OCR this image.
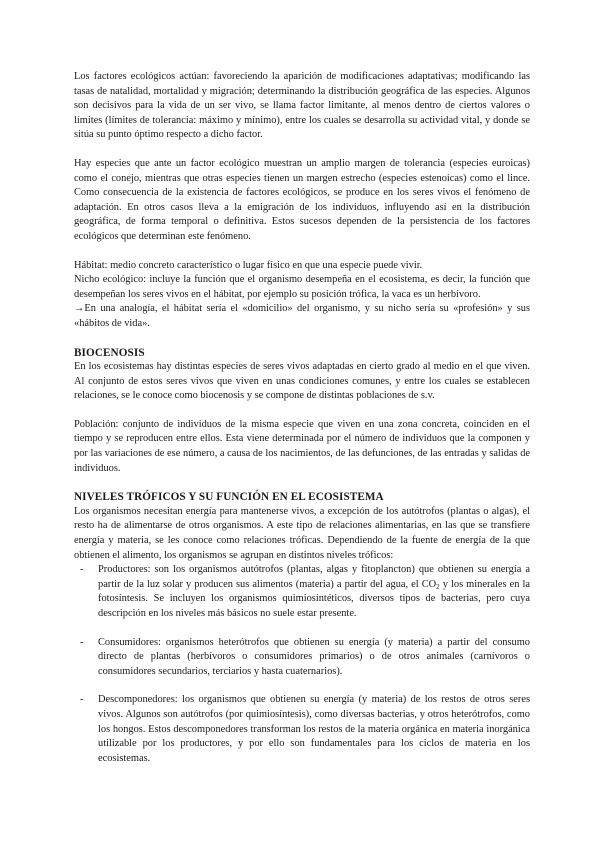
Los factores ecológicos actúan: favoreciendo la aparición de modificaciones adaptativas; modificando las tasas de natalidad, mortalidad y migración; determinando la distribución geográfica de las especies. Algunos son decisivos para la vida de un ser vivo, se llama factor limitante, al menos dentro de ciertos valores o límites (límites de tolerancia: máximo y mínimo), entre los cuales se desarrolla su actividad vital, y donde se sitúa su punto óptimo respecto a dicho factor.

Hay especies que ante un factor ecológico muestran un amplio margen de tolerancia (especies euroicas) como el conejo, mientras que otras especies tienen un margen estrecho (especies estenoicas) como el lince. Como consecuencia de la existencia de factores ecológicos, se produce en los seres vivos el fenómeno de adaptación. En otros casos lleva a la emigración de los individuos, influyendo así en la distribución geográfica, de forma temporal o definitiva. Estos sucesos dependen de la persistencia de los factores ecológicos que determinan este fenómeno.

Hábitat: medio concreto característico o lugar físico en que una especie puede vivir.

Nicho ecológico: incluye la función que el organismo desempeña en el ecosistema, es decir, la función que desempeñan los seres vivos en el hábitat, por ejemplo su posición trófica, la vaca es un herbívoro.

→En una analogía, el hábitat sería el «domicilio» del organismo, y su nicho sería su «profesión» y sus «hábitos de vida».

BIOCENOSIS

En los ecosistemas hay distintas especies de seres vivos adaptadas en cierto grado al medio en el que viven. Al conjunto de estos seres vivos que viven en unas condiciones comunes, y entre los cuales se establecen relaciones, se le conoce como biocenosis y se compone de distintas poblaciones de s.v.

Población: conjunto de individuos de la misma especie que viven en una zona concreta, coinciden en el tiempo y se reproducen entre ellos. Esta viene determinada por el número de individuos que la componen y por las variaciones de ese número, a causa de los nacimientos, de las defunciones, de las entradas y salidas de individuos.

NIVELES TRÓFICOS Y SU FUNCIÓN EN EL ECOSISTEMA

Los organismos necesitan energía para mantenerse vivos, a excepción de los autótrofos (plantas o algas), el resto ha de alimentarse de otros organismos. A este tipo de relaciones alimentarias, en las que se transfiere energía y materia, se les conoce como relaciones tróficas. Dependiendo de la fuente de energía de la que obtienen el alimento, los organismos se agrupan en distintos niveles tróficos:

- Productores: son los organismos autótrofos (plantas, algas y fitoplancton) que obtienen su energía a partir de la luz solar y producen sus alimentos (materia) a partir del agua, el $CO_2$ y los minerales en la fotosíntesis. Se incluyen los organismos quimiosintéticos, diversos tipos de bacterias, pero cuya descripción en los niveles más básicos no suele estar presente.
- Consumidores: organismos heterótrofos que obtienen su energía (y materia) a partir del consumo directo de plantas (herbívoros o consumidores primarios) o de otros animales (carnívoros o consumidores secundarios, terciarios y hasta cuaternarios).
- Descomponedores: los organismos que obtienen su energía (y materia) de los restos de otros seres vivos. Algunos son autótrofos (por quimiosíntesis), como diversas bacterias, y otros heterótrofos, como los hongos. Estos descomponedores transforman los restos de la materia orgánica en materia inorgánica utilizable por los productores, y por ello son fundamentales para los ciclos de materia en los ecosistemas.
